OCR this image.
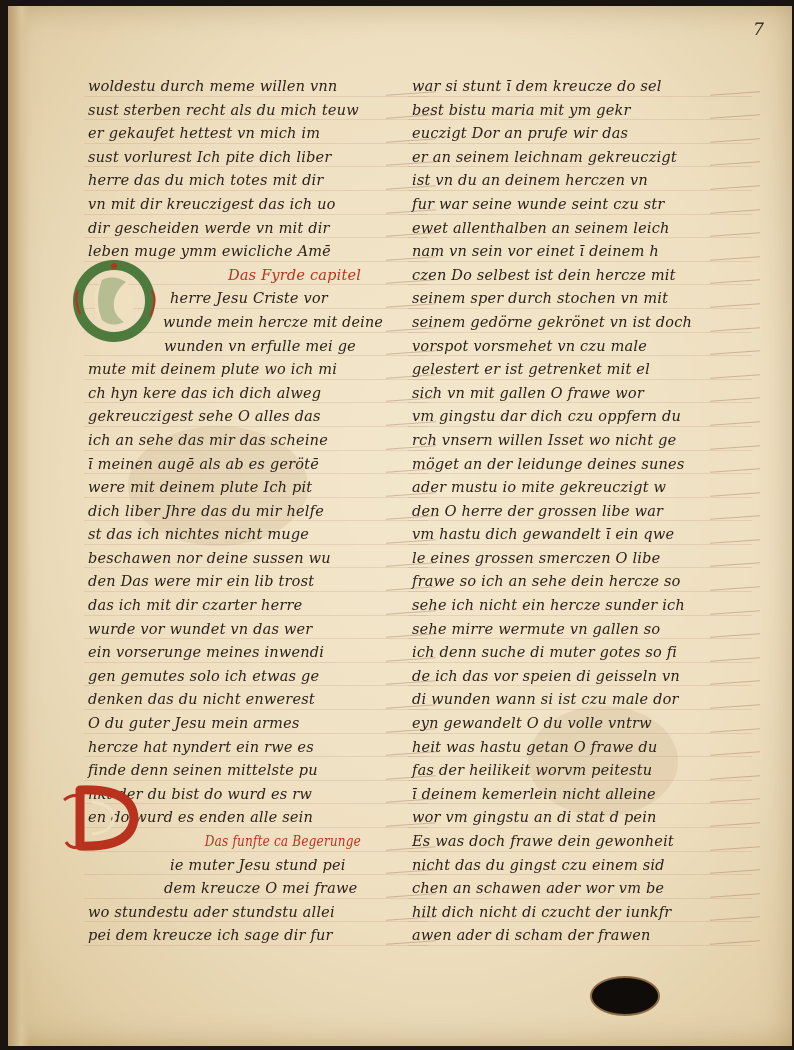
7
woldestu durch meme willen vnn
sust sterben recht als du mich teuw
er gekaufet hettest vn mich im
sust vorlurest Ich pite dich liber
herre das du mich totes mit dir
vn mit dir kreuczigest das ich uo
dir gescheiden werde vn mit dir
leben muge ymm ewicliche Amē
Das Fyrde capitel
herre Jesu Criste vor
wunde mein hercze mit deine
wunden vn erfulle mei ge
mute mit deinem plute wo ich mi
ch hyn kere das ich dich alweg
gekreuczigest sehe O alles das
ich an sehe das mir das scheine
ī meinen augē als ab es gerötē
were mit deinem plute Ich pit
dich liber Jhre das du mir helfe
st das ich nichtes nicht muge
beschawen nor deine sussen wu
den Das were mir ein lib trost
das ich mit dir czarter herre
wurde vor wundet vn das wer
ein vorserunge meines inwendi
gen gemutes solo ich etwas ge
denken das du nicht enwerest
O du guter Jesu mein armes
hercze hat nyndert ein rwe es
finde denn seinen mittelste pu
nkt der du bist do wurd es rw
en do wurd es enden alle sein
Das funfte ca Begerunge
ie muter Jesu stund pei
dem kreucze O mei frawe
wo stundestu ader stundstu allei
pei dem kreucze ich sage dir fur
war si stunt ī dem kreucze do sel
best bistu maria mit ym gekr
euczigt Dor an prufe wir das
er an seinem leichnam gekreuczigt
ist vn du an deinem herczen vn
fur war seine wunde seint czu str
ewet allenthalben an seinem leich
nam vn sein vor einet ī deinem h
czen Do selbest ist dein hercze mit
seinem sper durch stochen vn mit
seinem gedörne gekrönet vn ist doch
vorspot vorsmehet vn czu male
gelestert er ist getrenket mit el
sich vn mit gallen O frawe wor
vm gingstu dar dich czu oppfern du
rch vnsern willen Isset wo nicht ge
möget an der leidunge deines sunes
ader mustu io mite gekreuczigt w
den O herre der grossen libe war
vm hastu dich gewandelt ī ein qwe
le eines grossen smerczen O libe
frawe so ich an sehe dein hercze so
sehe ich nicht ein hercze sunder ich
sehe mirre wermute vn gallen so
ich denn suche di muter gotes so fi
de ich das vor speien di geisseln vn
di wunden wann si ist czu male dor
eyn gewandelt O du volle vntrw
heit was hastu getan O frawe du
fas der heilikeit worvm peitestu
ī deinem kemerlein nicht alleine
wor vm gingstu an di stat d pein
Es was doch frawe dein gewonheit
nicht das du gingst czu einem sid
chen an schawen ader wor vm be
hilt dich nicht di czucht der iunkfr
awen ader di scham der frawen
